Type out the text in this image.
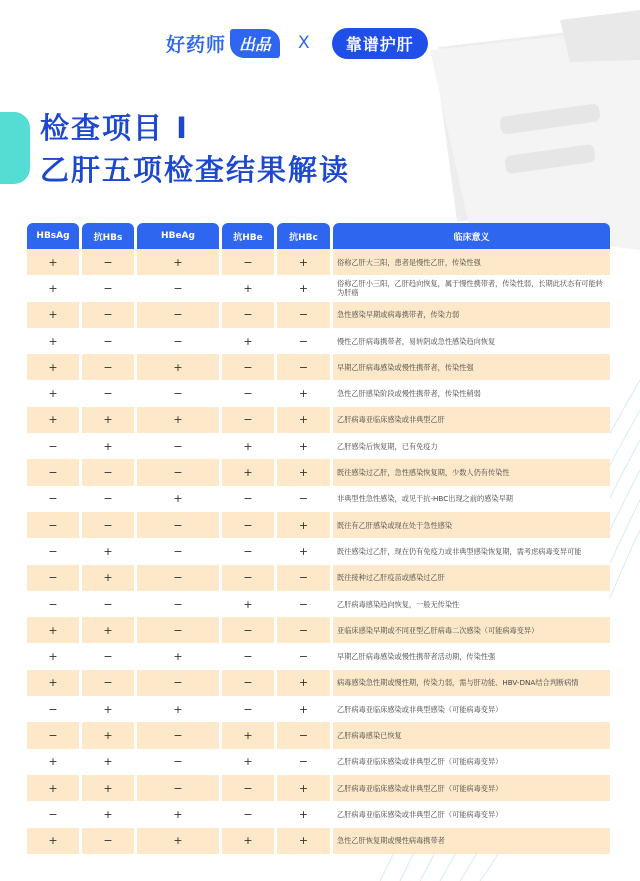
好药师 出品	X	靠谱护肝
检查项目 I
乙肝五项检查结果解读
HBsAg	抗HBs	HBeAg	抗HBe	抗HBc	临床意义
+	−	+	−	+	俗称乙肝大三阳，患者是慢性乙肝，传染性强
+	−	−	+	+	俗称乙肝小三阳，乙肝趋向恢复，属于慢性携带者，传染性弱，长期此状态有可能转为肝癌
+	−	−	−	−	急性感染早期或病毒携带者，传染力弱
+	−	−	+	−	慢性乙肝病毒携带者，易转阴或急性感染趋向恢复
+	−	+	−	−	早期乙肝病毒感染或慢性携带者，传染性强
+	−	−	−	+	急性乙肝感染阶段或慢性携带者，传染性稍弱
+	+	+	−	+	乙肝病毒亚临床感染或非典型乙肝
−	+	−	+	+	乙肝感染后恢复期，已有免疫力
−	−	−	+	+	既往感染过乙肝，急性感染恢复期，少数人仍有传染性
−	−	+	−	−	非典型性急性感染，或见于抗-HBC出现之前的感染早期
−	−	−	−	+	既往有乙肝感染或现在处于急性感染
−	+	−	−	+	既往感染过乙肝，现在仍有免疫力或非典型感染恢复期，需考虑病毒变异可能
−	+	−	−	−	既往接种过乙肝疫苗或感染过乙肝
−	−	−	+	−	乙肝病毒感染趋向恢复，一般无传染性
+	+	−	−	−	亚临床感染早期或不同亚型乙肝病毒二次感染（可能病毒变异）
+	−	+	−	−	早期乙肝病毒感染或慢性携带者活动期，传染性强
+	−	−	−	+	病毒感染急性期或慢性期，传染力弱，需与肝功能、HBV-DNA结合判断病情
−	+	+	−	+	乙肝病毒亚临床感染或非典型感染（可能病毒变异）
−	+	−	+	−	乙肝病毒感染已恢复
+	+	−	+	−	乙肝病毒亚临床感染或非典型乙肝（可能病毒变异）
+	+	−	−	+	乙肝病毒亚临床感染或非典型乙肝（可能病毒变异）
−	+	+	−	+	乙肝病毒亚临床感染或非典型乙肝（可能病毒变异）
+	−	+	+	+	急性乙肝恢复期或慢性病毒携带者
